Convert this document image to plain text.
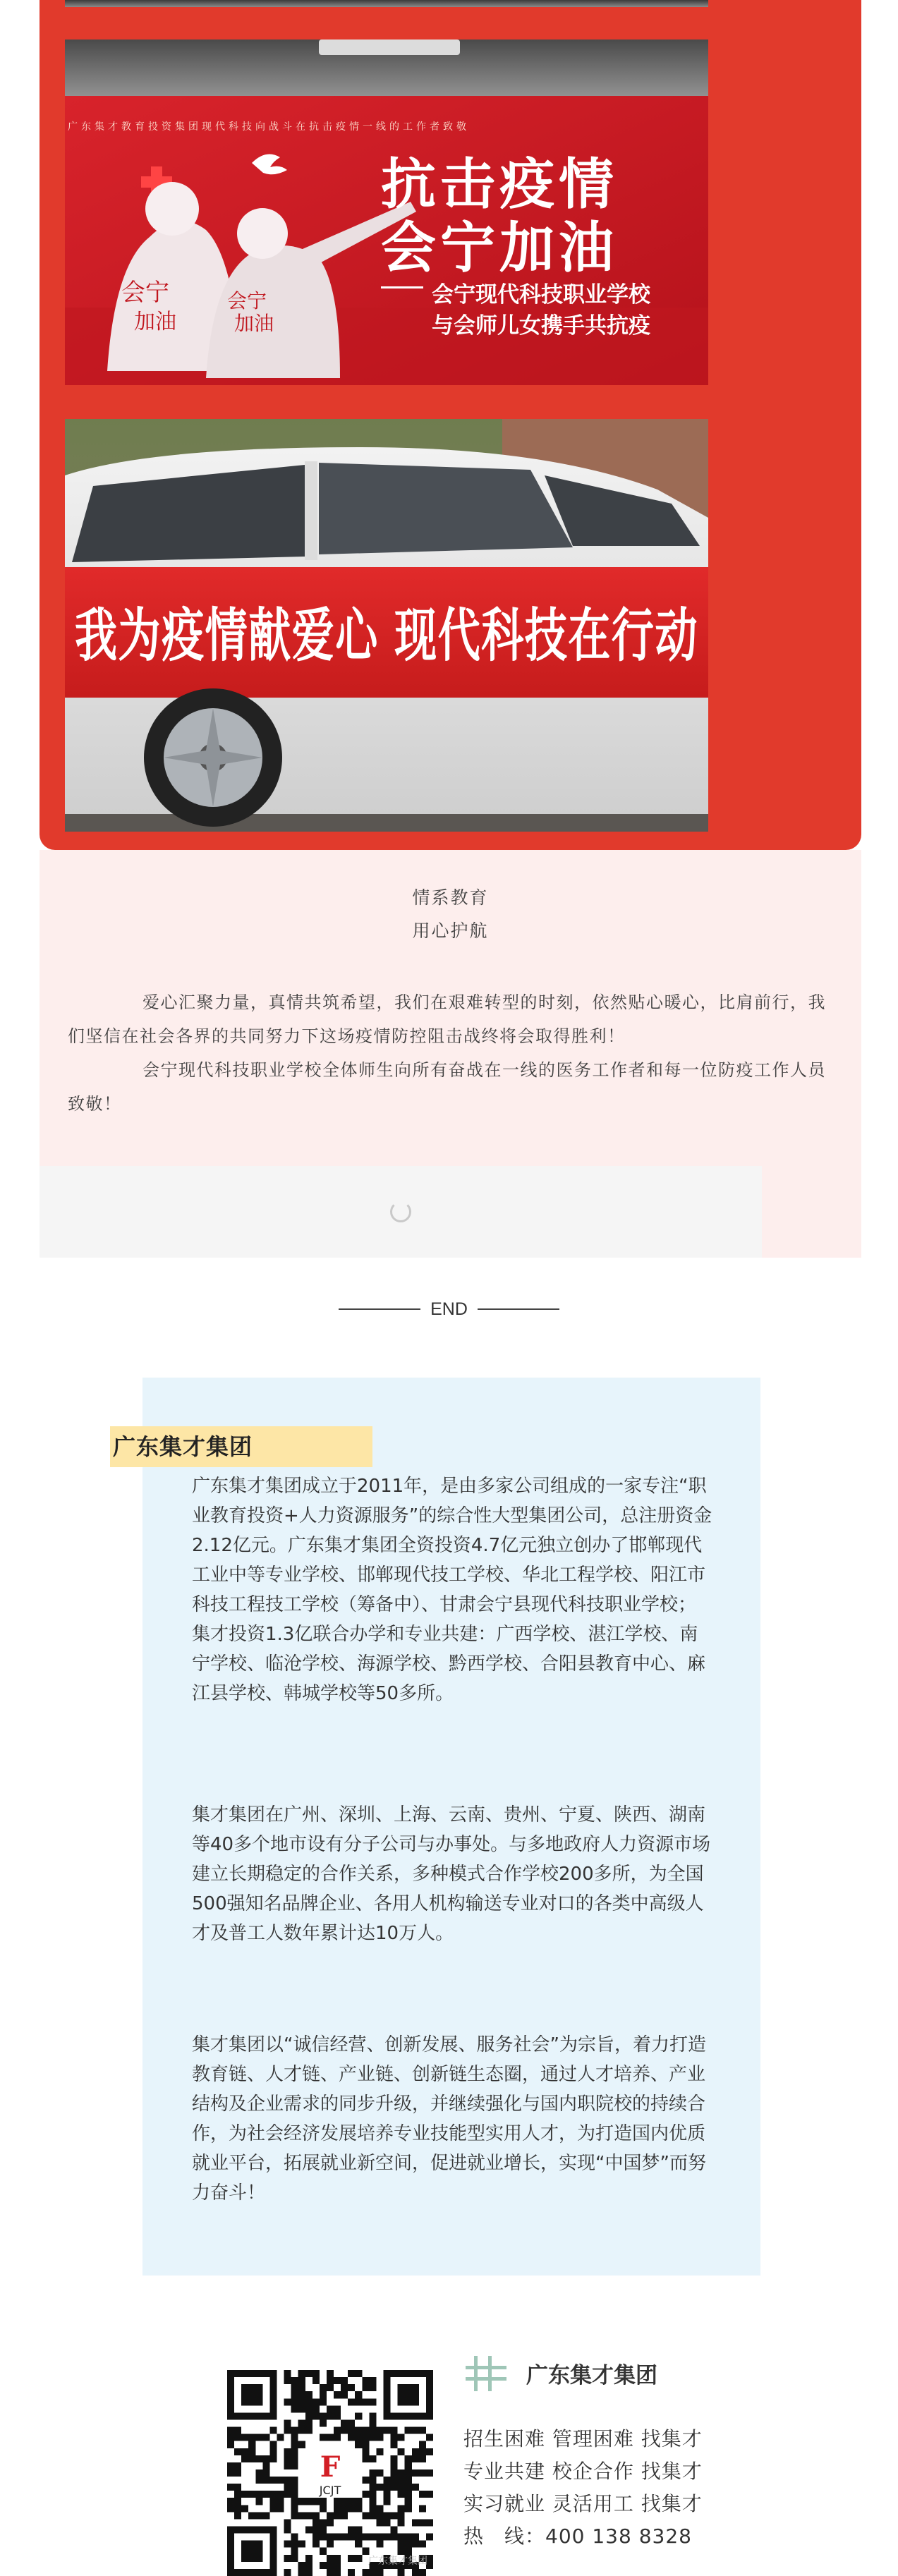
会宁
加油
会宁
加油
广东集才教育投资集团现代科技向战斗在抗击疫情一线的工作者致敬
抗击疫情
会宁加油
会宁现代科技职业学校
与会师儿女携手共抗疫
我为疫情献爱心 现代科技在行动
情系教育
用心护航

爱心汇聚力量，真情共筑希望，我们在艰难转型的时刻，依然贴心暖心，比肩前行，我们坚信在社会各界的共同努力下这场疫情防控阻击战终将会取得胜利！

会宁现代科技职业学校全体师生向所有奋战在一线的医务工作者和每一位防疫工作人员致敬！

END
广东集才集团

广东集才集团成立于2011年，是由多家公司组成的一家专注“职业教育投资+人力资源服务”的综合性大型集团公司，总注册资金2.12亿元。广东集才集团全资投资4.7亿元独立创办了邯郸现代工业中等专业学校、邯郸现代技工学校、华北工程学校、阳江市科技工程技工学校（筹备中）、甘肃会宁县现代科技职业学校；集才投资1.3亿联合办学和专业共建：广西学校、湛江学校、南宁学校、临沧学校、海源学校、黔西学校、合阳县教育中心、麻江县学校、韩城学校等50多所。

集才集团在广州、深圳、上海、云南、贵州、宁夏、陕西、湖南等40多个地市设有分子公司与办事处。与多地政府人力资源市场建立长期稳定的合作关系，多种模式合作学校200多所，为全国500强知名品牌企业、各用人机构输送专业对口的各类中高级人才及普工人数年累计达10万人。

集才集团以“诚信经营、创新发展、服务社会”为宗旨，着力打造教育链、人才链、产业链、创新链生态圈，通过人才培养、产业结构及企业需求的同步升级，并继续强化与国内职院校的持续合作，为社会经济发展培养专业技能型实用人才，为打造国内优质就业平台，拓展就业新空间，促进就业增长，实现“中国梦”而努力奋斗！

F
JCJT
广东集才集团
招生困难 管理困难 找集才
专业共建 校企合作 找集才
实习就业 灵活用工 找集才
热　线：400 138 8328
广东集才集团
